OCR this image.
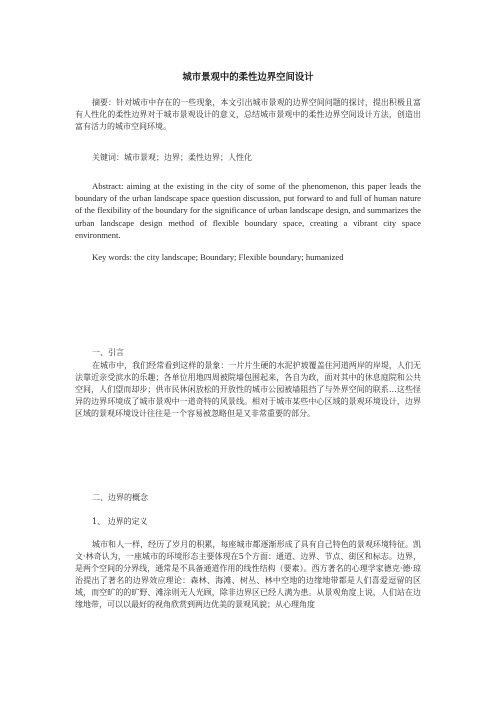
城市景观中的柔性边界空间设计

摘要：针对城市中存在的一些现象，本文引出城市景观的边界空间问题的探讨，提出积极且富有人性化的柔性边界对于城市景观设计的意义，总结城市景观中的柔性边界空间设计方法，创造出富有活力的城市空间环境。

关键词：城市景观；边界；柔性边界；人性化

Abstract: aiming at the existing in the city of some of the phenomenon, this paper leads the boundary of the urban landscape space question discussion, put forward to and full of human nature of the flexibility of the boundary for the significance of urban landscape design, and summarizes the urban landscape design method of flexible boundary space, creating a vibrant city space environment.

Key words: the city landscape; Boundary; Flexible boundary; humanized

一、引言

在城市中，我们经常看到这样的景象：一片片生硬的水泥护坡覆盖住河道两岸的岸堤，人们无法靠近亲受滨水的乐趣；各单位用地四周被院墙包围起来，各自为政，面对其中的休息庭院和公共空间，人们望而却步；供市民休闲放松的开放性的城市公园被墙阻挡了与外界空间的联系…这些怪异的边界环境成了城市景观中一道奇特的风景线。相对于城市某些中心区域的景观环境设计，边界区域的景观环境设计往往是一个容易被忽略但是又非常重要的部分。

二、边界的概念

1、 边界的定义

城市和人一样，经历了岁月的积累，每座城市都逐渐形成了具有自己特色的景观环境特征。凯文·林奇认为，一座城市的环境形态主要体现在5个方面：通道、边界、节点、街区和标志。边界，是两个空间的分界线，通常是不具备通道作用的线性结构（要素）。西方著名的心理学家德克·德·琼治提出了著名的边界效应理论：森林、海滩、树丛、林中空地的边缘地带都是人们喜爱逗留的区域，而空旷的的旷野、滩涂则无人光顾，除非边界区已经人满为患。从景观角度上说，人们站在边缘地带，可以以最好的视角欣赏到两边优美的景观风貌；从心理角度
